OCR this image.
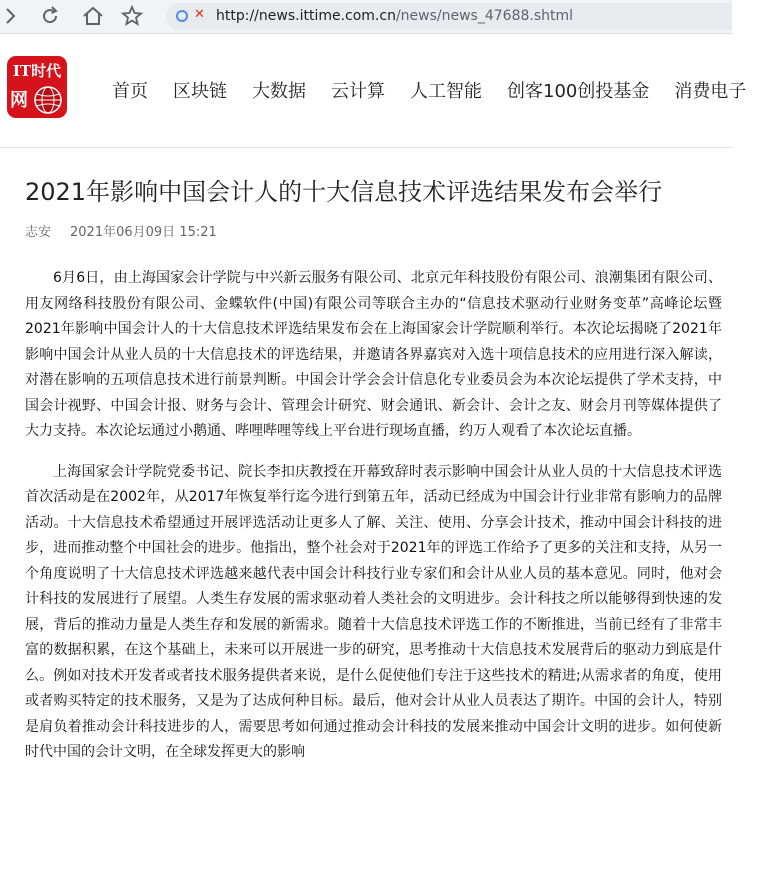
✕ http://news.ittime.com.cn/news/news_47688.shtml
IT时代
网	首页 区块链 大数据 云计算 人工智能 创客100创投基金 消费电子
2021年影响中国会计人的十大信息技术评选结果发布会举行
志安 2021年06月09日 15:21

6月6日，由上海国家会计学院与中兴新云服务有限公司、北京元年科技股份有限公司、浪潮集团有限公司、用友网络科技股份有限公司、金蝶软件(中国)有限公司等联合主办的“信息技术驱动行业财务变革”高峰论坛暨2021年影响中国会计人的十大信息技术评选结果发布会在上海国家会计学院顺利举行。本次论坛揭晓了2021年影响中国会计从业人员的十大信息技术的评选结果，并邀请各界嘉宾对入选十项信息技术的应用进行深入解读，对潜在影响的五项信息技术进行前景判断。中国会计学会会计信息化专业委员会为本次论坛提供了学术支持，中国会计视野、中国会计报、财务与会计、管理会计研究、财会通讯、新会计、会计之友、财会月刊等媒体提供了大力支持。本次论坛通过小鹅通、哔哩哔哩等线上平台进行现场直播，约万人观看了本次论坛直播。

上海国家会计学院党委书记、院长李扣庆教授在开幕致辞时表示影响中国会计从业人员的十大信息技术评选首次活动是在2002年，从2017年恢复举行迄今进行到第五年，活动已经成为中国会计行业非常有影响力的品牌活动。十大信息技术希望通过开展评选活动让更多人了解、关注、使用、分享会计技术，推动中国会计科技的进步，进而推动整个中国社会的进步。他指出，整个社会对于2021年的评选工作给予了更多的关注和支持，从另一个角度说明了十大信息技术评选越来越代表中国会计科技行业专家们和会计从业人员的基本意见。同时，他对会计科技的发展进行了展望。人类生存发展的需求驱动着人类社会的文明进步。会计科技之所以能够得到快速的发展，背后的推动力量是人类生存和发展的新需求。随着十大信息技术评选工作的不断推进，当前已经有了非常丰富的数据积累，在这个基础上，未来可以开展进一步的研究，思考推动十大信息技术发展背后的驱动力到底是什么。例如对技术开发者或者技术服务提供者来说，是什么促使他们专注于这些技术的精进;从需求者的角度，使用或者购买特定的技术服务，又是为了达成何种目标。最后，他对会计从业人员表达了期许。中国的会计人，特别是肩负着推动会计科技进步的人，需要思考如何通过推动会计科技的发展来推动中国会计文明的进步。如何使新时代中国的会计文明，在全球发挥更大的影响
